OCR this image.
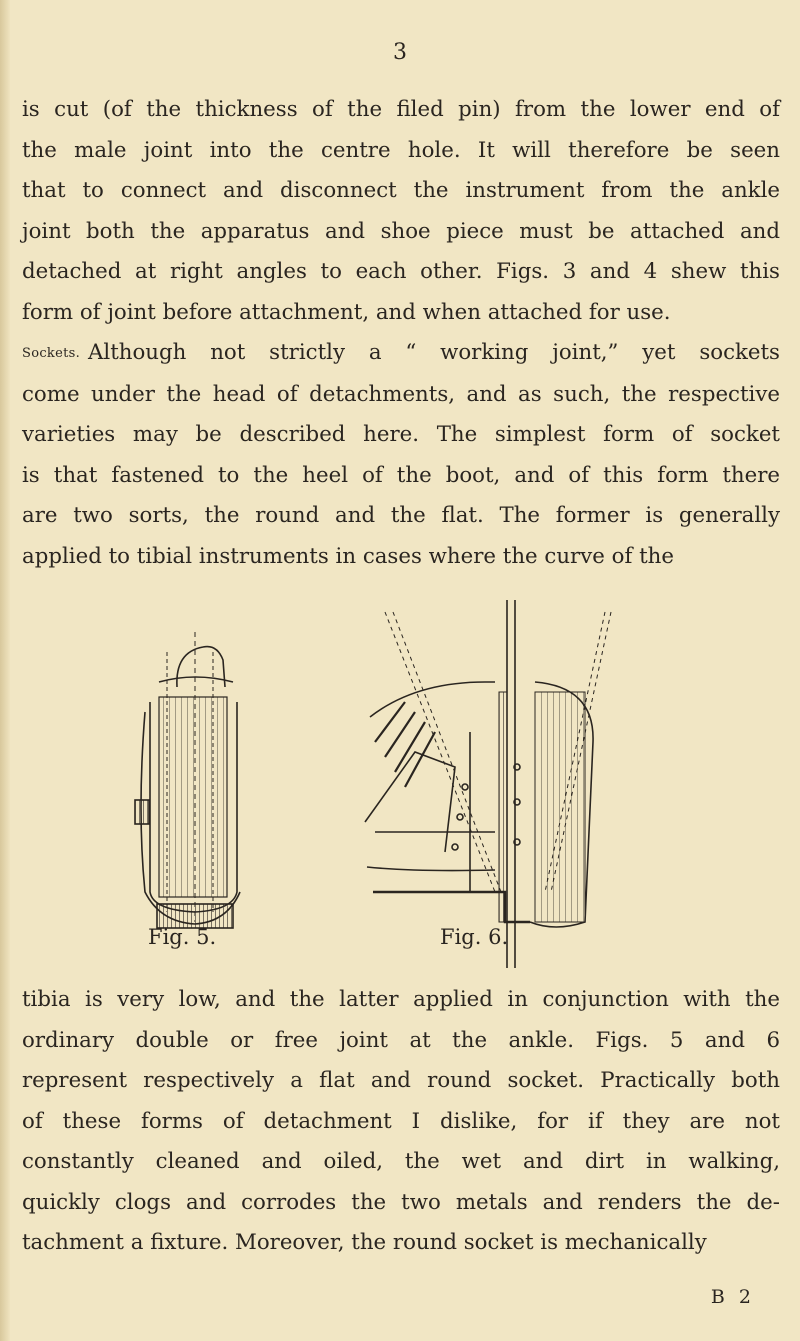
3
is cut (of the thickness of the filed pin) from the lower end of
the male joint into the centre hole. It will therefore be seen
that to connect and disconnect the instrument from the ankle
joint both the apparatus and shoe piece must be attached and
detached at right angles to each other. Figs. 3 and 4 shew this
form of joint before attachment, and when attached for use.
Sockets. Although not strictly a “ working joint,” yet sockets
come under the head of detachments, and as such, the respective
varieties may be described here. The simplest form of socket
is that fastened to the heel of the boot, and of this form there
are two sorts, the round and the flat. The former is generally
applied to tibial instruments in cases where the curve of the
Fig. 5.	Fig. 6.
tibia is very low, and the latter applied in conjunction with the
ordinary double or free joint at the ankle. Figs. 5 and 6
represent respectively a flat and round socket. Practically both
of these forms of detachment I dislike, for if they are not
constantly cleaned and oiled, the wet and dirt in walking,
quickly clogs and corrodes the two metals and renders the de-
tachment a fixture. Moreover, the round socket is mechanically
B 2
